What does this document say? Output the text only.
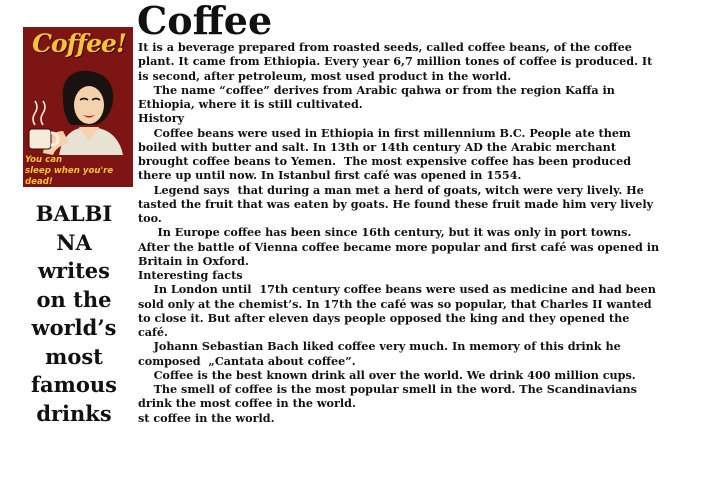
Coffee!
You can
sleep when you're dead!
BALBI
NA
writes
on the
world’s
most
famous
drinks
Coffee
It is a beverage prepared from roasted seeds, called coffee beans, of the coffee
plant. It came from Ethiopia. Every year 6,7 million tones of coffee is produced. It
is second, after petroleum, most used product in the world.
The name “coffee” derives from Arabic qahwa or from the region Kaffa in
Ethiopia, where it is still cultivated.
History
Coffee beans were used in Ethiopia in first millennium B.C. People ate them
boiled with butter and salt. In 13th or 14th century AD the Arabic merchant
brought coffee beans to Yemen.  The most expensive coffee has been produced
there up until now. In Istanbul first café was opened in 1554.
Legend says  that during a man met a herd of goats, witch were very lively. He
tasted the fruit that was eaten by goats. He found these fruit made him very lively
too.
In Europe coffee has been since 16th century, but it was only in port towns.
After the battle of Vienna coffee became more popular and first café was opened in
Britain in Oxford.
Interesting facts
In London until  17th century coffee beans were used as medicine and had been
sold only at the chemist’s. In 17th the café was so popular, that Charles II wanted
to close it. But after eleven days people opposed the king and they opened the
café.
Johann Sebastian Bach liked coffee very much. In memory of this drink he
composed  „Cantata about coffee”.
Coffee is the best known drink all over the world. We drink 400 million cups.
The smell of coffee is the most popular smell in the word. The Scandinavians
drink the most coffee in the world.
st coffee in the world.
